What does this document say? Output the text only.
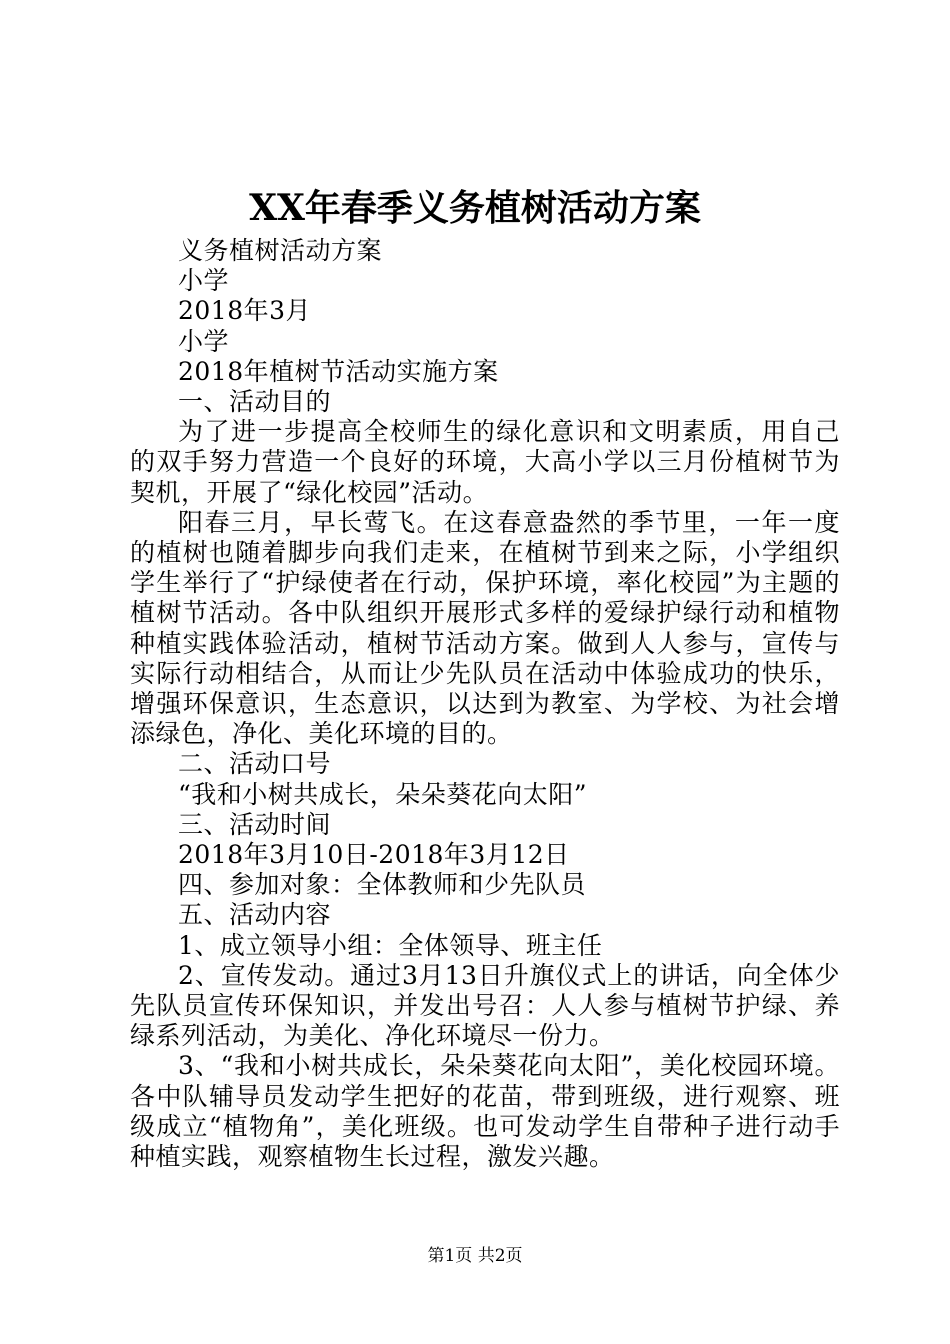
XX年春季义务植树活动方案
义务植树活动方案
小学
2018年3月
小学
2018年植树节活动实施方案
一、活动目的
为了进一步提高全校师生的绿化意识和文明素质，用自己的双手努力营造一个良好的环境，大高小学以三月份植树节为契机，开展了“绿化校园”活动。
阳春三月，早长莺飞。在这春意盎然的季节里，一年一度的植树也随着脚步向我们走来，在植树节到来之际，小学组织学生举行了“护绿使者在行动，保护环境，率化校园”为主题的植树节活动。各中队组织开展形式多样的爱绿护绿行动和植物种植实践体验活动，植树节活动方案。做到人人参与，宣传与实际行动相结合，从而让少先队员在活动中体验成功的快乐，增强环保意识，生态意识，以达到为教室、为学校、为社会增添绿色，净化、美化环境的目的。
二、活动口号
“我和小树共成长，朵朵葵花向太阳”
三、活动时间
2018年3月10日-2018年3月12日
四、参加对象：全体教师和少先队员
五、活动内容
1、成立领导小组：全体领导、班主任
2、宣传发动。通过3月13日升旗仪式上的讲话，向全体少先队员宣传环保知识，并发出号召：人人参与植树节护绿、养绿系列活动，为美化、净化环境尽一份力。
3、“我和小树共成长，朵朵葵花向太阳”，美化校园环境。各中队辅导员发动学生把好的花苗，带到班级，进行观察、班级成立“植物角”，美化班级。也可发动学生自带种子进行动手种植实践，观察植物生长过程，激发兴趣。
第1页 共2页
